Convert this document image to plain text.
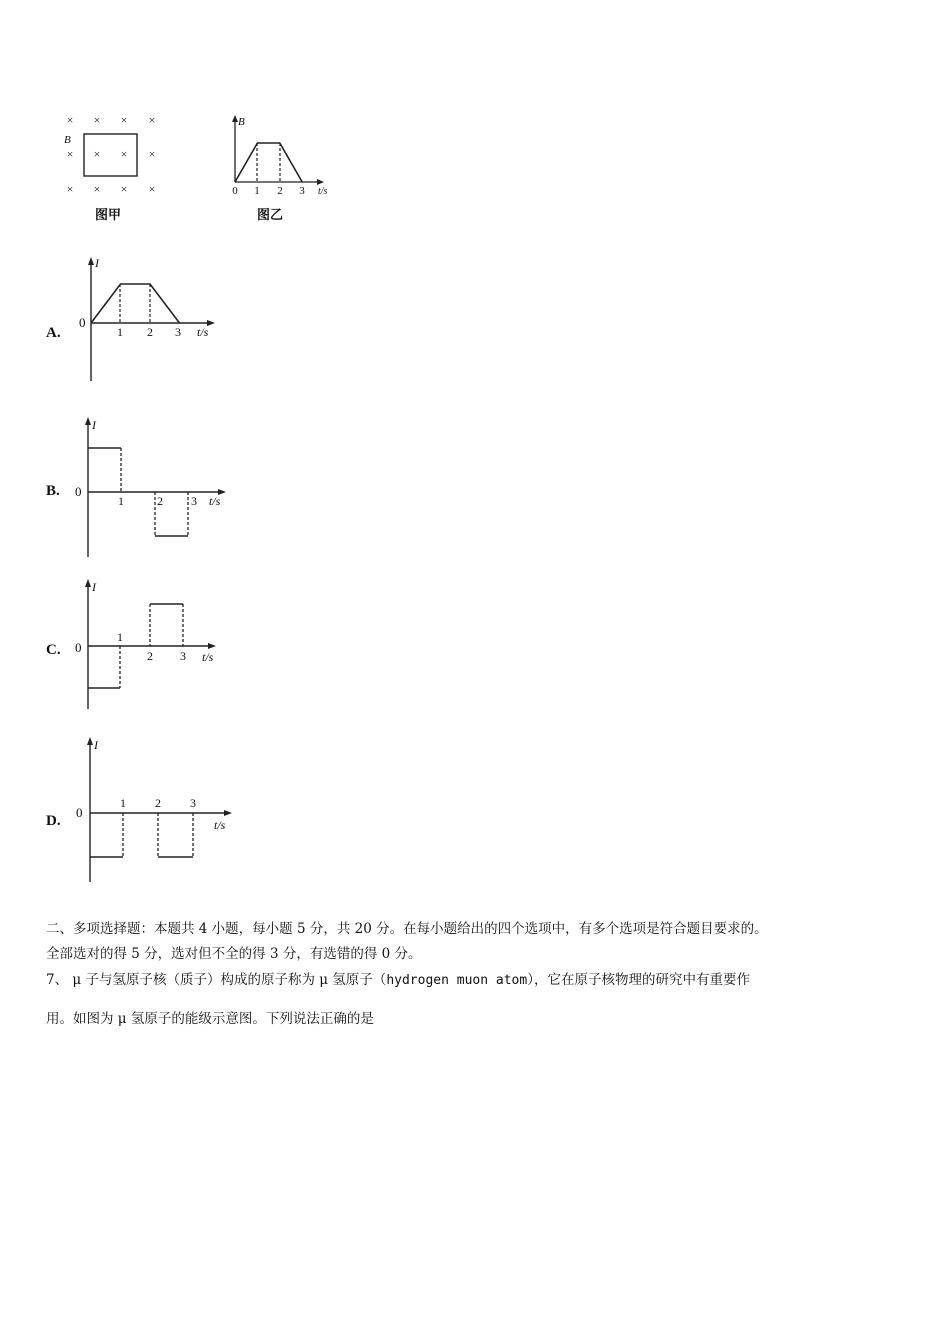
B
× × × ×
× × × ×
× × × ×
图甲
B
0 1 2 3 t/s
图乙
A.
I
0
1 2 3 t/s
B.
I
0
1	2 3 t/s
C.
I
0
1
2 3 t/s
D.
I
0
1 2 3
t/s
二、多项选择题：本题共 4 小题，每小题 5 分，共 20 分。在每小题给出的四个选项中，有多个选项是符合题目要求的。
全部选对的得 5 分，选对但不全的得 3 分，有选错的得 0 分。
7、 μ 子与氢原子核（质子）构成的原子称为 μ 氢原子（hydrogen muon atom），它在原子核物理的研究中有重要作
用。如图为 μ 氢原子的能级示意图。下列说法正确的是
